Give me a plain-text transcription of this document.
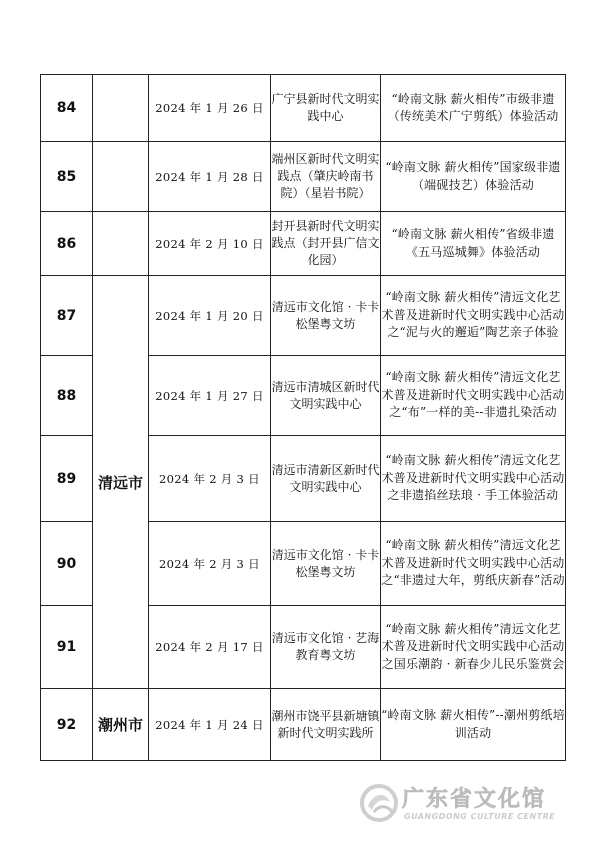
84		2024 年 1 月 26 日	广宁县新时代文明实践中心	“岭南文脉 薪火相传”市级非遗（传统美术广宁剪纸）体验活动

85		2024 年 1 月 28 日	端州区新时代文明实践点（肇庆岭南书院）（星岩书院）	“岭南文脉 薪火相传”国家级非遗（端砚技艺）体验活动

86		2024 年 2 月 10 日	封开县新时代文明实践点（封开县广信文化园）	“岭南文脉 薪火相传”省级非遗《五马巡城舞》体验活动

87	清远市	2024 年 1 月 20 日	清远市文化馆 · 卡卡松堡粤文坊	“岭南文脉 薪火相传”清远文化艺术普及进新时代文明实践中心活动之“泥与火的邂逅”陶艺亲子体验

88		2024 年 1 月 27 日	清远市清城区新时代文明实践中心	“岭南文脉 薪火相传”清远文化艺术普及进新时代文明实践中心活动之“布”一样的美--非遗扎染活动

89		2024 年 2 月 3 日	清远市清新区新时代文明实践中心	“岭南文脉 薪火相传”清远文化艺术普及进新时代文明实践中心活动之非遗掐丝珐琅 · 手工体验活动

90		2024 年 2 月 3 日	清远市文化馆 · 卡卡松堡粤文坊	“岭南文脉 薪火相传”清远文化艺术普及进新时代文明实践中心活动之“非遗过大年，剪纸庆新春”活动

91		2024 年 2 月 17 日	清远市文化馆 · 艺海教育粤文坊	“岭南文脉 薪火相传”清远文化艺术普及进新时代文明实践中心活动之国乐潮韵 · 新春少儿民乐鉴赏会

92	潮州市	2024 年 1 月 24 日	潮州市饶平县新塘镇新时代文明实践所	“岭南文脉 薪火相传”--潮州剪纸培训活动
广东省文化馆
GUANGDONG CULTURE CENTRE
